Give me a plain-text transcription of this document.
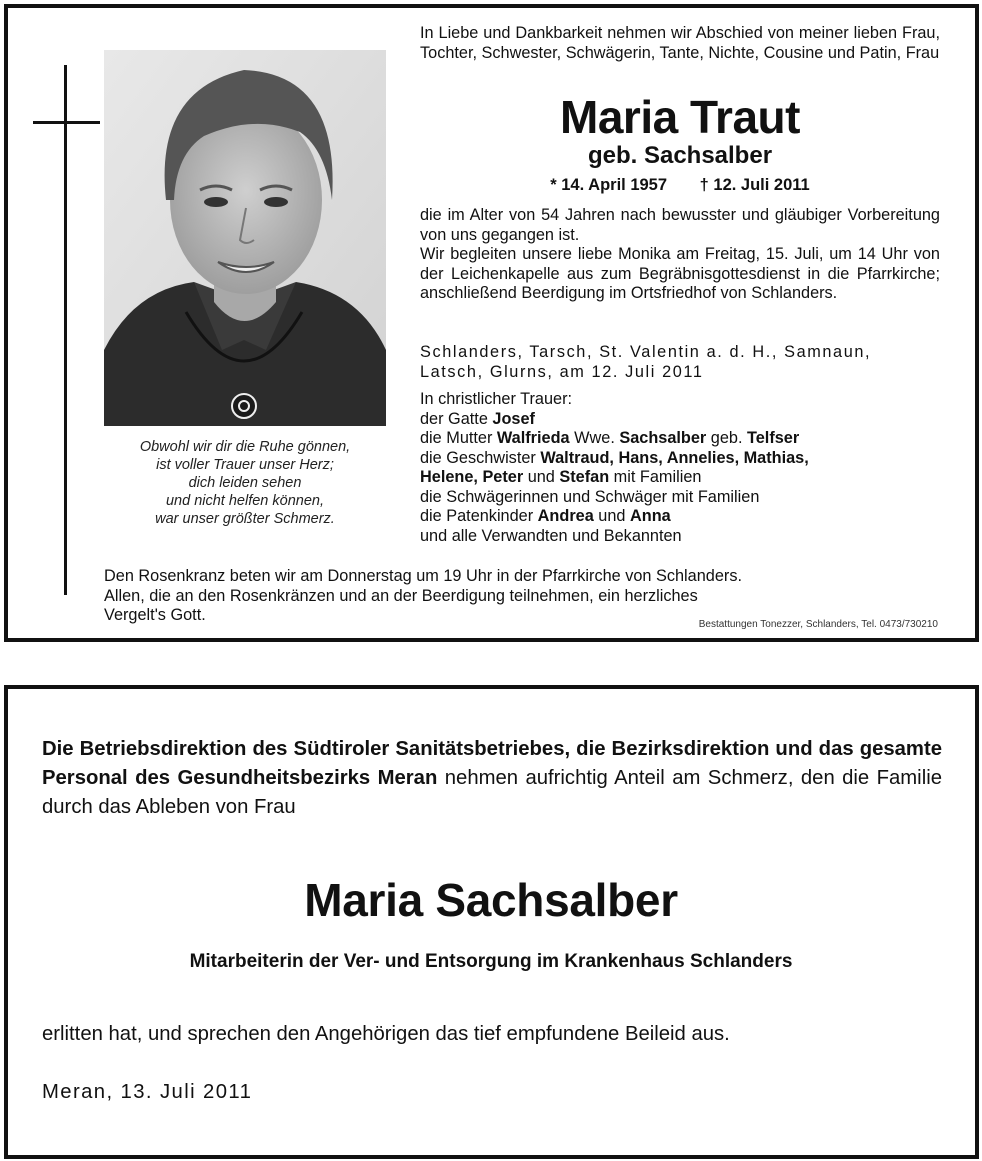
Obwohl wir dir die Ruhe gönnen,
ist voller Trauer unser Herz;
dich leiden sehen
und nicht helfen können,
war unser größter Schmerz.
In Liebe und Dankbarkeit nehmen wir Abschied von meiner lieben Frau, Tochter, Schwester, Schwägerin, Tante, Nichte, Cousine und Patin, Frau
Maria Traut
geb. Sachsalber
* 14. April 1957 † 12. Juli 2011
die im Alter von 54 Jahren nach bewusster und gläubiger Vorbereitung von uns gegangen ist.
Wir begleiten unsere liebe Monika am Freitag, 15. Juli, um 14 Uhr von der Leichenkapelle aus zum Begräbnisgottesdienst in die Pfarrkirche; anschließend Beerdigung im Ortsfriedhof von Schlanders.
Schlanders, Tarsch, St. Valentin a. d. H., Samnaun, Latsch, Glurns, am 12. Juli 2011
In christlicher Trauer:
der Gatte Josef
die Mutter Walfrieda Wwe. Sachsalber geb. Telfser
die Geschwister Waltraud, Hans, Annelies, Mathias,
Helene, Peter und Stefan mit Familien
die Schwägerinnen und Schwäger mit Familien
die Patenkinder Andrea und Anna
und alle Verwandten und Bekannten
Den Rosenkranz beten wir am Donnerstag um 19 Uhr in der Pfarrkirche von Schlanders.
Allen, die an den Rosenkränzen und an der Beerdigung teilnehmen, ein herzliches
Vergelt's Gott.
Bestattungen Tonezzer, Schlanders, Tel. 0473/730210
Die Betriebsdirektion des Südtiroler Sanitätsbetriebes, die Bezirksdirektion und das gesamte Personal des Gesundheitsbezirks Meran nehmen aufrichtig Anteil am Schmerz, den die Familie durch das Ableben von Frau
Maria Sachsalber
Mitarbeiterin der Ver- und Entsorgung im Krankenhaus Schlanders
erlitten hat, und sprechen den Angehörigen das tief empfundene Beileid aus.
Meran, 13. Juli 2011
